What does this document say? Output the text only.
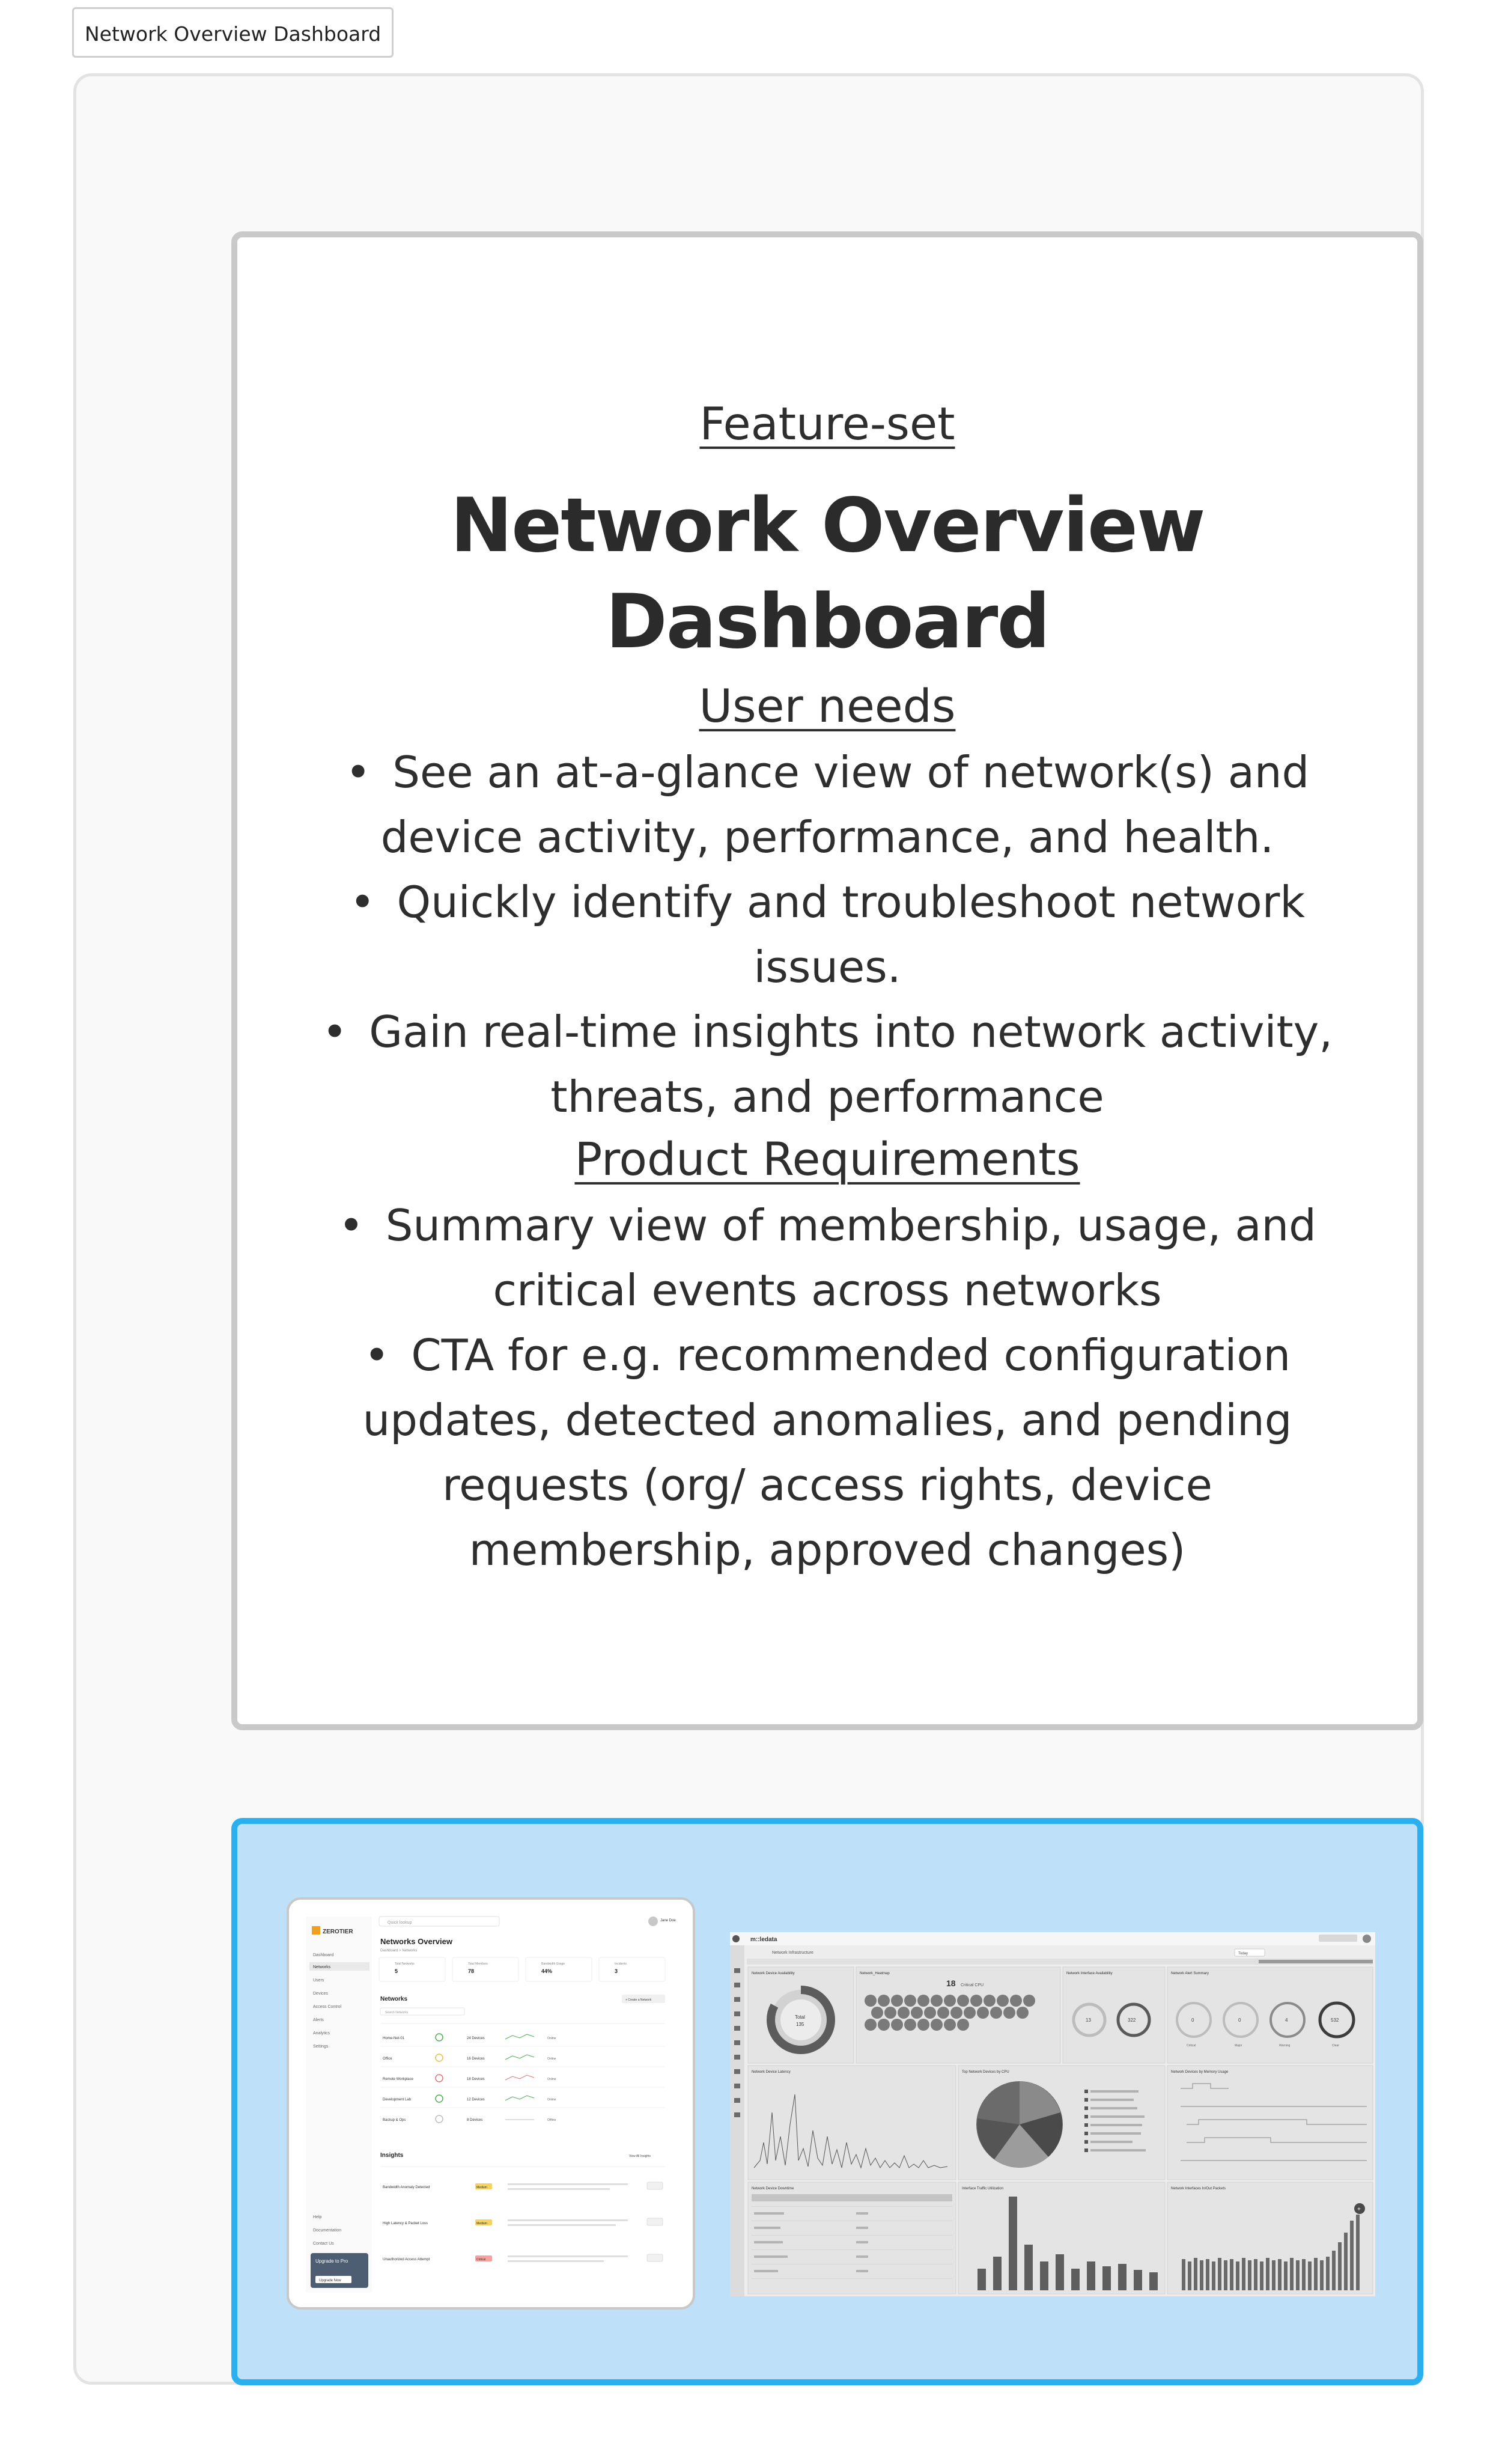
Network Overview Dashboard
Feature-set
Network Overview Dashboard
User needs
• See an at-a-glance view of network(s) and device activity, performance, and health.
• Quickly identify and troubleshoot network issues.
• Gain real-time insights into network activity, threats, and performance
Product Requirements
• Summary view of membership, usage, and critical events across networks
• CTA for e.g. recommended configuration updates, detected anomalies, and pending requests (org/ access rights, device membership, approved changes)
ZEROTIER
Dashboard
Networks
Users
Devices
Access Control
Alerts
Analytics
Settings
Help
Documentation
Contact Us
Upgrade to Pro
Upgrade Now
Quick lookup	Jane Doe
Networks Overview
Dashboard > Networks
Total Networks
5
Total Members
78
Bandwidth Usage
44%
Incidents
3
Networks	+ Create a Network
Search Networks
Home-Net-01	24 Devices	Online
Office	16 Devices	Online
Remote Workplace	18 Devices	Online
Development Lab	12 Devices	Online
Backup & Ops	8 Devices	Offline
Insights	View All Insights
Bandwidth Anomaly Detected	Medium
High Latency & Packet Loss	Medium
Unauthorized Access Attempt	Critical
m::ledata
Network Infrastructure	Today
Network Device Availability
Total
135
Network_Heatmap
18 Critical CPU
Network Interface Availability
13	322
Network Alert Summary
0	0	4	532
Critical	Major	Warning	Clear
Network Device Latency	Top Network Devices by CPU	Network Devices by Memory Usage
Network Device Downtime	Interface Traffic Utilization	Network Interfaces In/Out Packets
+
